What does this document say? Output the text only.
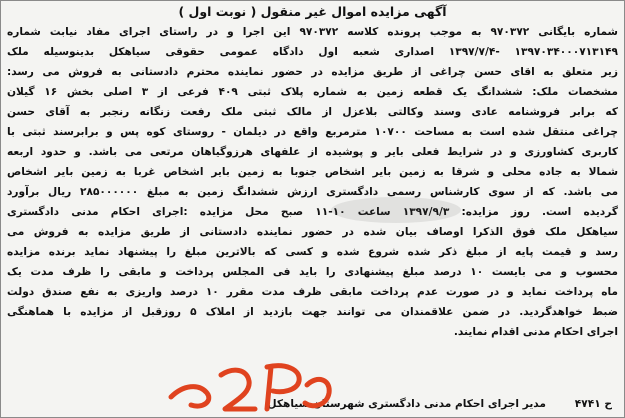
آگهی مزایده اموال غیر منقول ( نوبت اول )
شماره بایگانی ۹۷۰۳۷۲ به موجب پرونده کلاسه ۹۷۰۳۷۲ این اجرا و در راستای اجرای مفاد نیابت شماره
۱۳۹۷۰۳۴۰۰۰۷۱۳۱۴۹ -۱۳۹۷/۷/۴ اصداری شعبه اول دادگاه عمومی حقوقی سیاهکل بدینوسیله ملک
زیر متعلق به اقای حسن چراغی از طریق مزایده در حضور نماینده محترم دادستانی به فروش می رسد:
مشخصات ملک: ششدانگ یک قطعه زمین به شماره پلاک ثبتی ۴۰۹ فرعی از ۳ اصلی بخش ۱۶ گیلان
که برابر فروشنامه عادی وسند وکالتی بلاعزل از مالک ثبتی ملک رفعت زنگانه رنجبر به آقای حسن
چراغی منتقل شده است به مساحت ۱۰۷۰۰ مترمربع واقع در دیلمان - روستای کوه پس و برابرسند ثبتی با
کاربری کشاورزی و در شرایط فعلی بایر و پوشیده از علفهای هرزوگیاهان مرتعی می باشد. و حدود اربعه
شمالا به جاده محلی و شرقا به زمین بایر اشخاص جنوبا به زمین بایر اشخاص غربا به زمین بایر اشخاص
می باشد. که از سوی کارشناس رسمی دادگستری ارزش ششدانگ زمین به مبلغ ۲۸۵۰۰۰۰۰۰ ریال برآورد
گردیده است. روز مزایده: ۱۳۹۷/۹/۳ ساعت ۱۰-۱۱ صبح محل مزایده :اجرای احکام مدنی دادگستری
سیاهکل ملک فوق الذکرا اوصاف بیان شده در حضور نماینده دادستانی از طریق مزایده به فروش می
رسد و قیمت پایه از مبلغ ذکر شده شروع شده و کسی که بالاترین مبلغ را پیشنهاد نماید برنده مزایده
محسوب و می بایست ۱۰ درصد مبلغ پیشنهادی را باید فی المجلس پرداخت و مابقی را ظرف مدت یک
ماه پرداخت نماید و در صورت عدم پرداخت مابقی ظرف مدت مقرر ۱۰ درصد واریزی به نفع صندق دولت
ضبط خواهدگردید. در ضمن علاقمندان می توانند جهت بازدید از املاک ۵ روزقبل از مزایده با هماهنگی
اجرای احکام مدنی اقدام نمایند.
ح ۴۷۴۱
مدیر اجرای احکام مدنی دادگستری شهرستان سیاهکل
